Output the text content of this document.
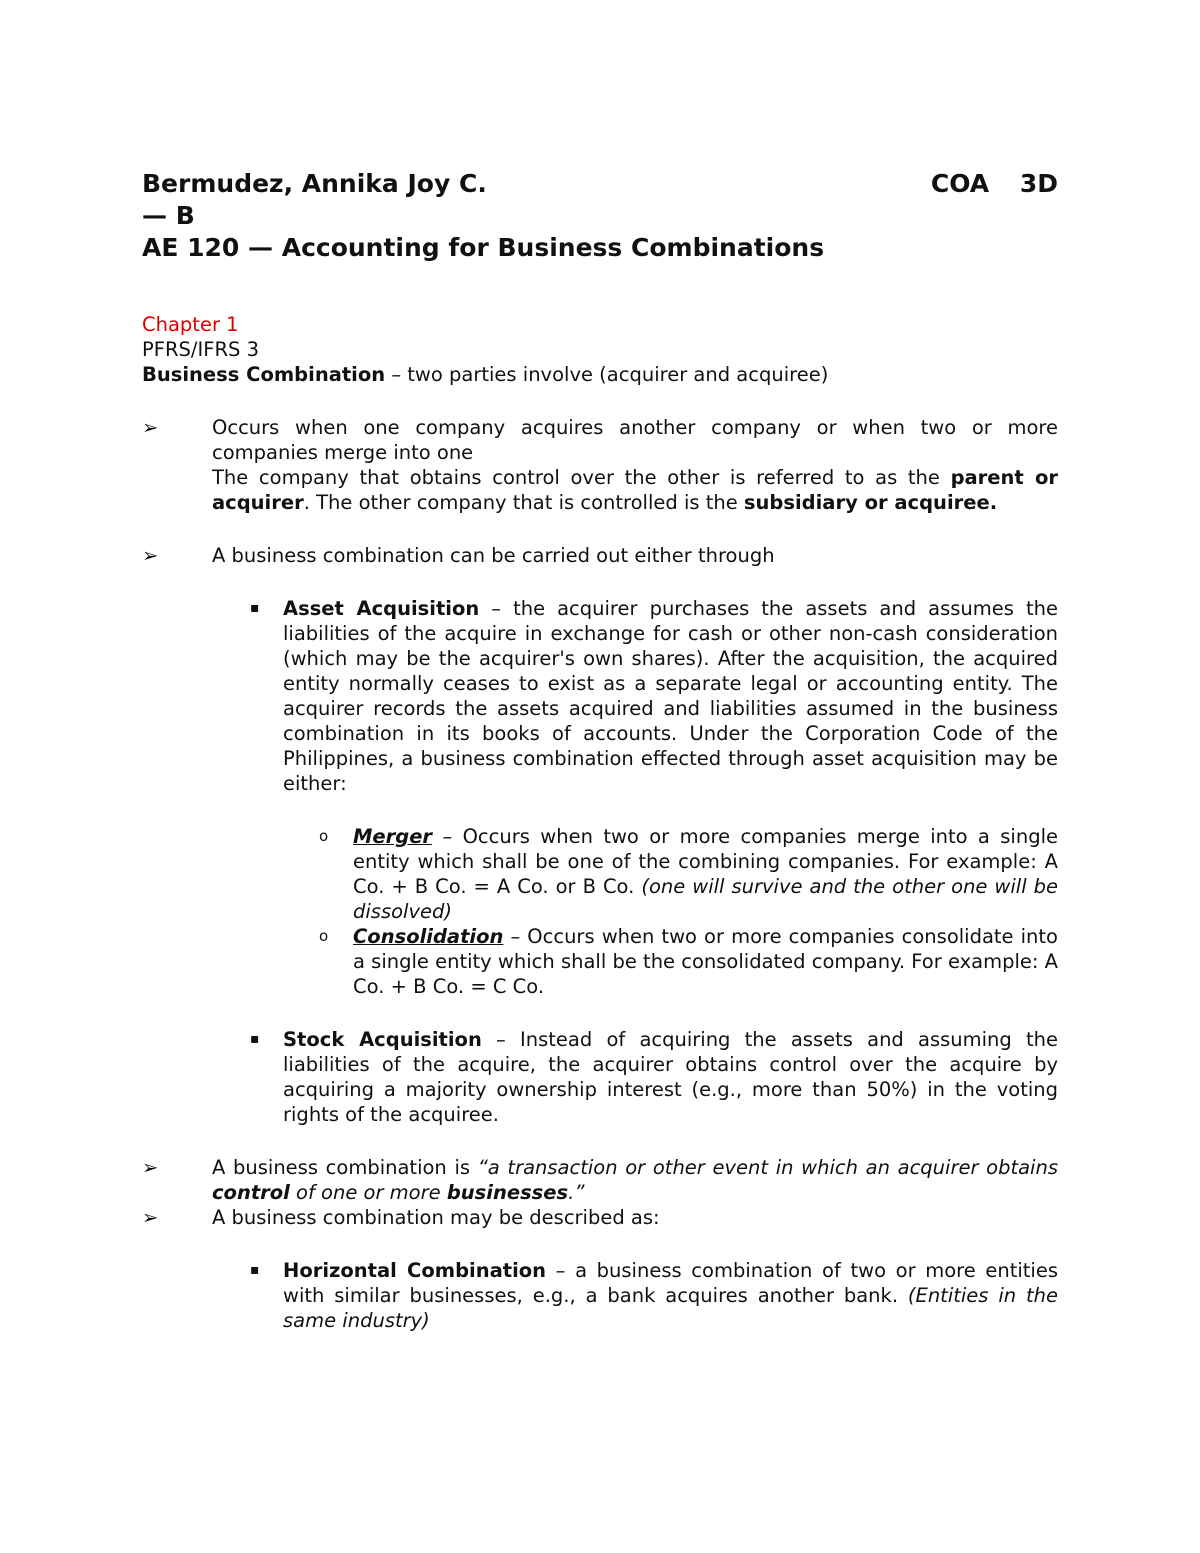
Bermudez, Annika Joy C.	COA 3D
— B
AE 120 — Accounting for Business Combinations
Chapter 1
PFRS/IFRS 3
Business Combination – two parties involve (acquirer and acquiree)
➢	Occurs when one company acquires another company or when two or more companies merge into one
The company that obtains control over the other is referred to as the parent or acquirer. The other company that is controlled is the subsidiary or acquiree.
➢	A business combination can be carried out either through
▪ Asset Acquisition – the acquirer purchases the assets and assumes the liabilities of the acquire in exchange for cash or other non-cash consideration (which may be the acquirer's own shares). After the acquisition, the acquired entity normally ceases to exist as a separate legal or accounting entity. The acquirer records the assets acquired and liabilities assumed in the business combination in its books of accounts. Under the Corporation Code of the Philippines, a business combination effected through asset acquisition may be either:
o Merger – Occurs when two or more companies merge into a single entity which shall be one of the combining companies. For example: A Co. + B Co. = A Co. or B Co. (one will survive and the other one will be dissolved)
o Consolidation – Occurs when two or more companies consolidate into a single entity which shall be the consolidated company. For example: A Co. + B Co. = C Co.
▪ Stock Acquisition – Instead of acquiring the assets and assuming the liabilities of the acquire, the acquirer obtains control over the acquire by acquiring a majority ownership interest (e.g., more than 50%) in the voting rights of the acquiree.
➢	A business combination is “a transaction or other event in which an acquirer obtains control of one or more businesses.”
➢	A business combination may be described as:
▪ Horizontal Combination – a business combination of two or more entities with similar businesses, e.g., a bank acquires another bank. (Entities in the same industry)
